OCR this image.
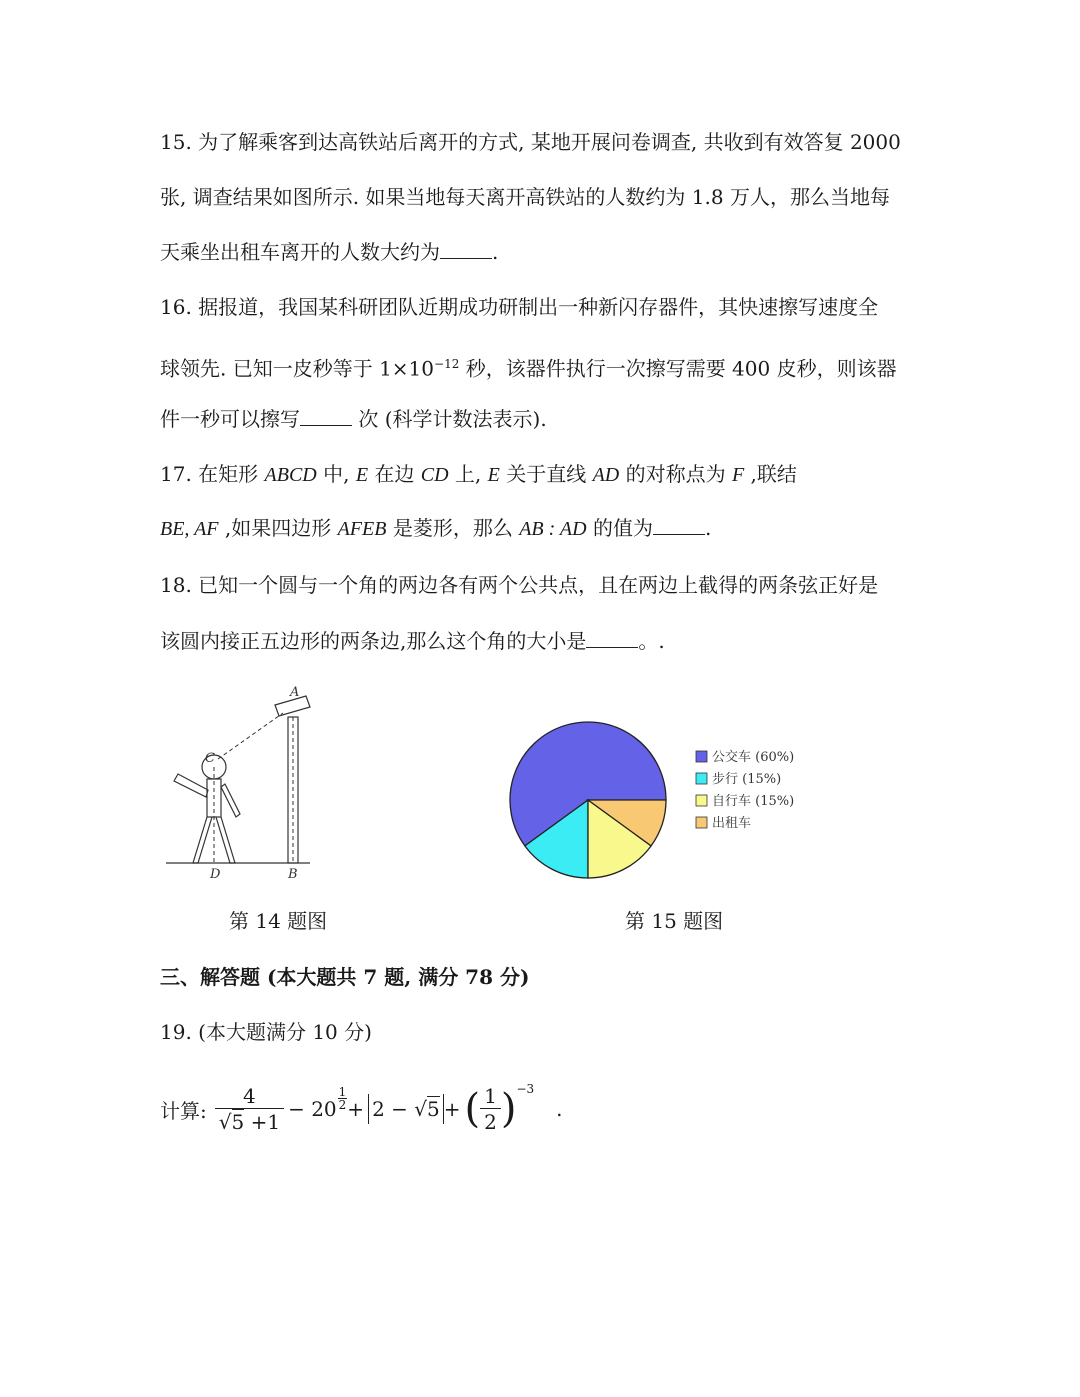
15. 为了解乘客到达高铁站后离开的方式, 某地开展问卷调查, 共收到有效答复 2000
张, 调查结果如图所示. 如果当地每天离开高铁站的人数约为 1.8 万人，那么当地每
天乘坐出租车离开的人数大约为	.
16. 据报道，我国某科研团队近期成功研制出一种新闪存器件，其快速擦写速度全
球领先. 已知一皮秒等于 $1\times 10^{-12}$ 秒，该器件执行一次擦写需要 400 皮秒，则该器
件一秒可以擦写	次 (科学计数法表示).
17. 在矩形 ABCD 中, E 在边 CD 上, E 关于直线 AD 的对称点为 F ,联结
BE, AF ,如果四边形 AFEB 是菱形，那么 AB : AD 的值为	.
18. 已知一个圆与一个角的两边各有两个公共点，且在两边上截得的两条弦正好是
该圆内接正五边形的两条边,那么这个角的大小是	。.
A
C
D	B
第 14 题图
公交车 (60%)
步行 (15%)
自行车 (15%)
出租车
第 15 题图
三、解答题 (本大题共 7 题, 满分 78 分)
19. (本大题满分 10 分)
计算: $\frac{4}{√5 +1} - 20 \frac{1}{2} + 2 - √5$ + ( $\frac{1}{2}$ ) −3
.
